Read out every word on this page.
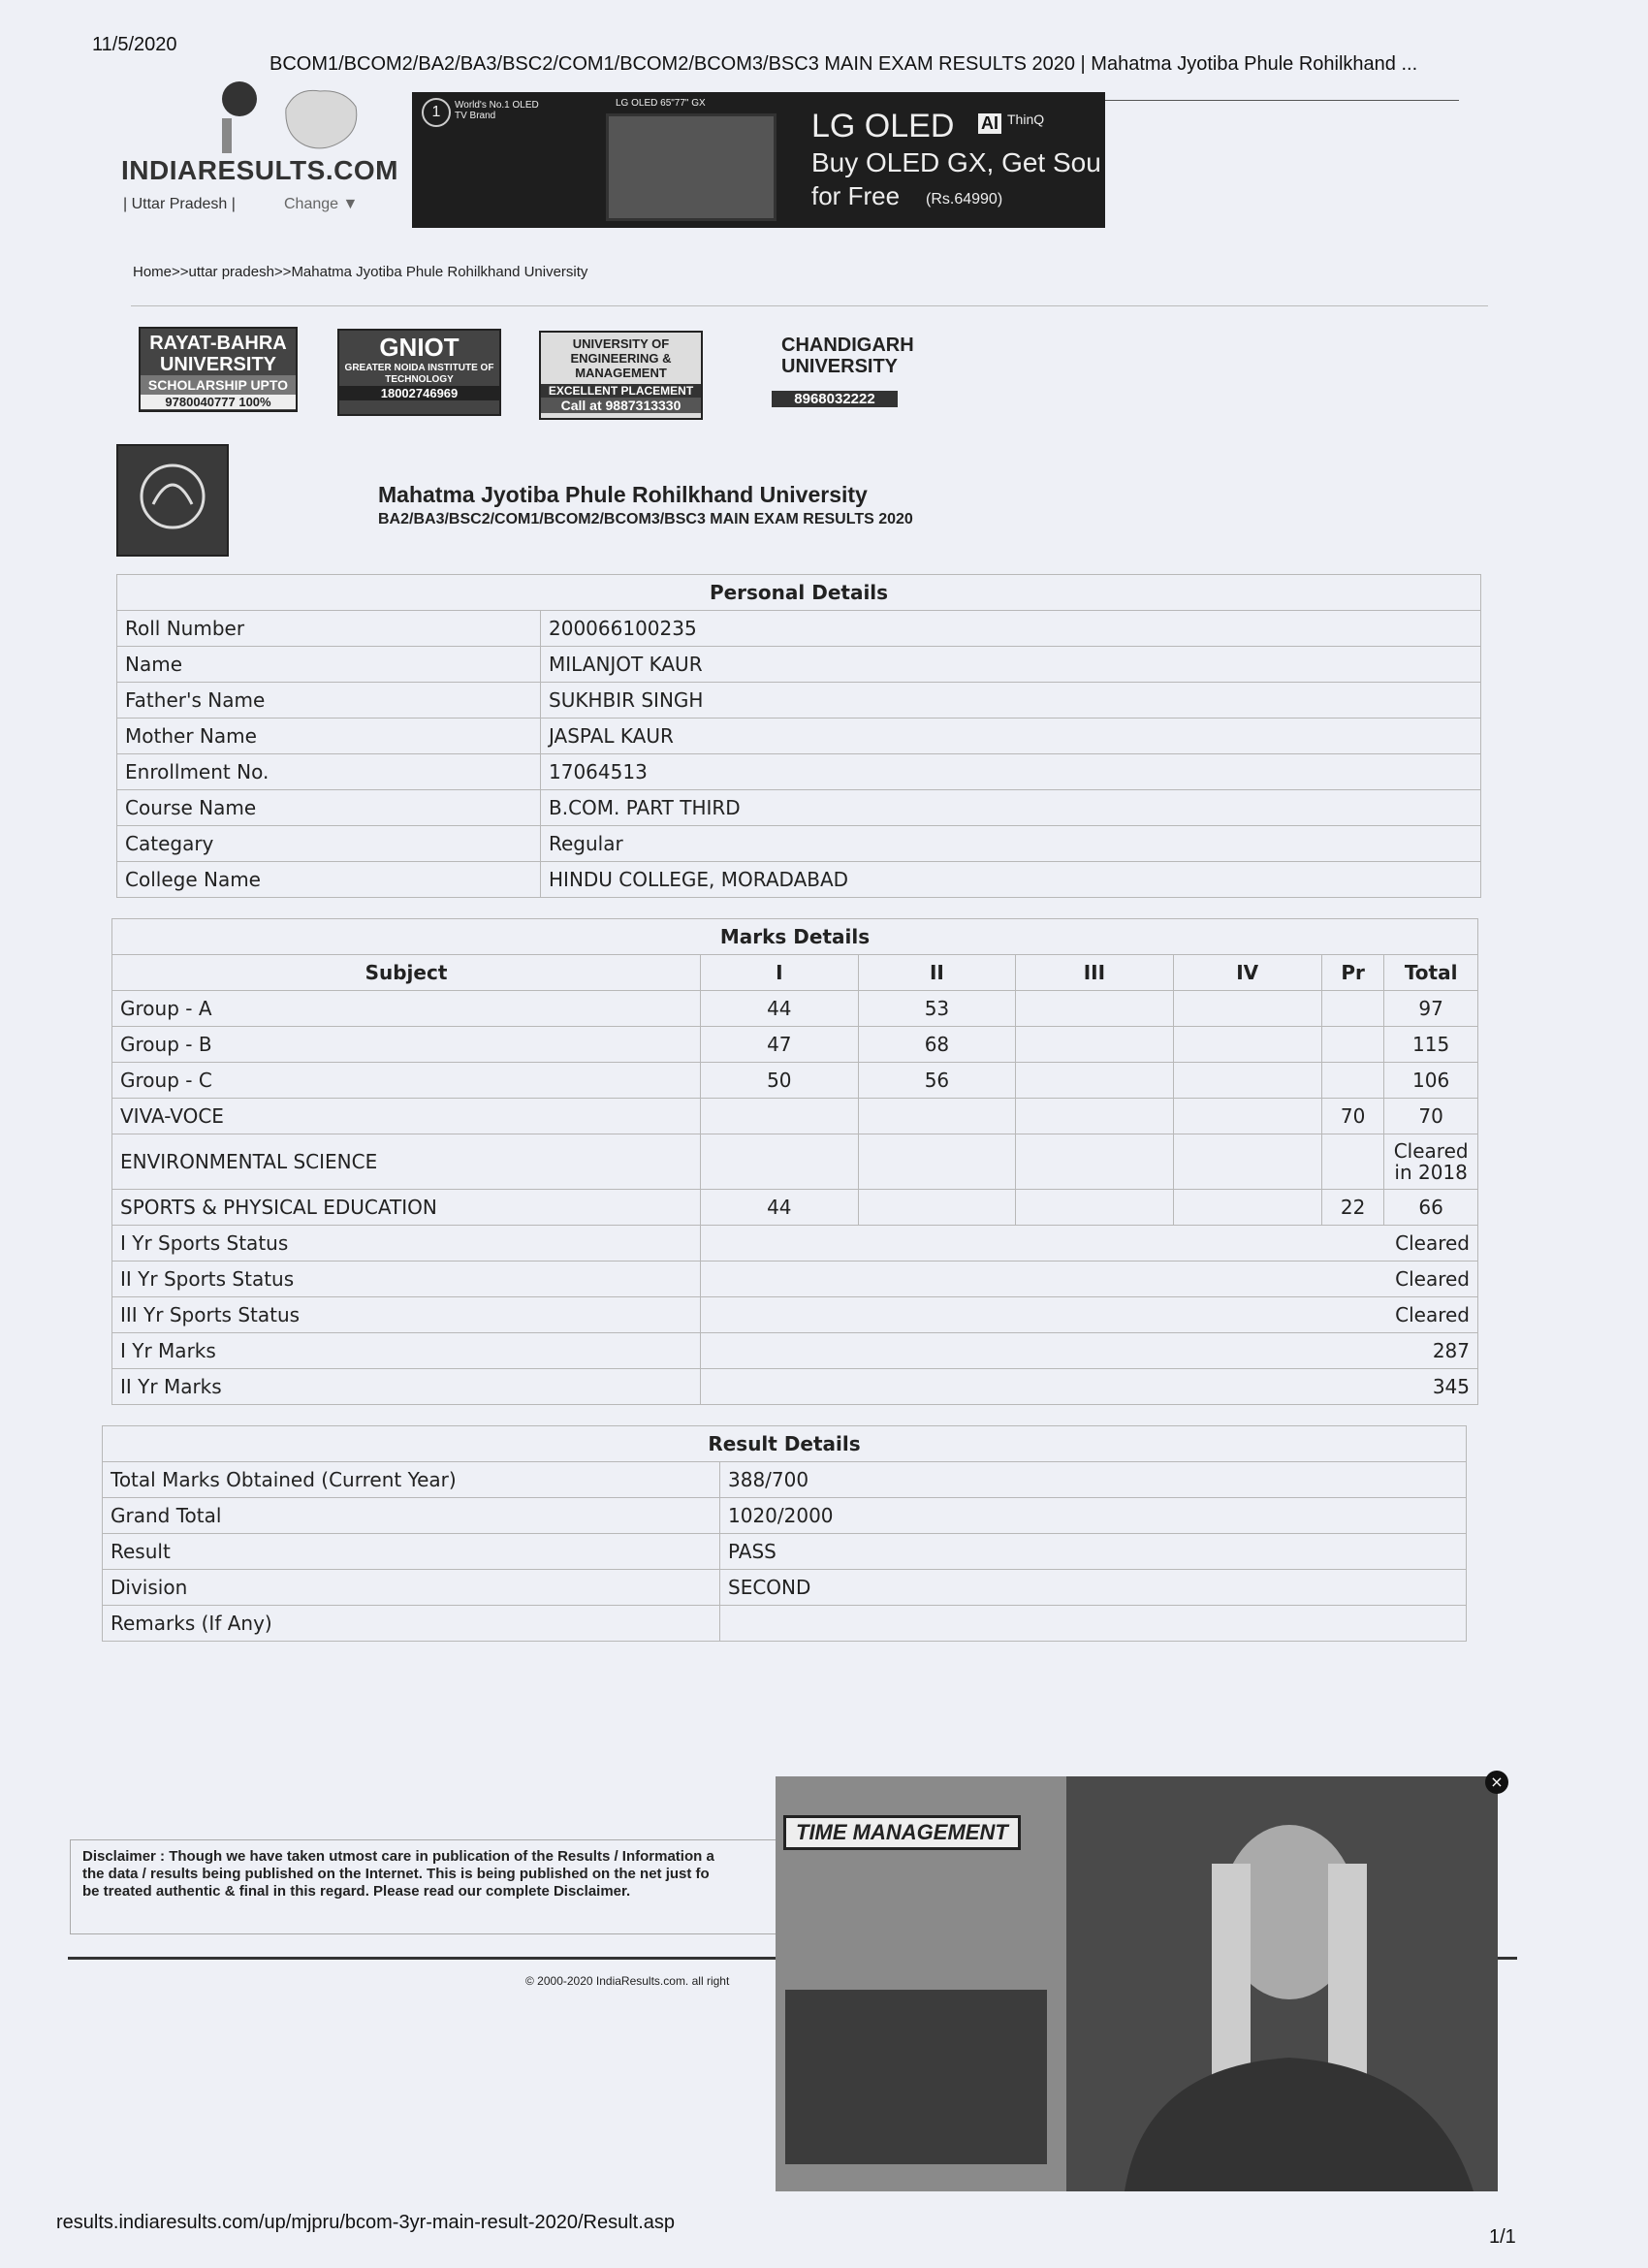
11/5/2020
BCOM1/BCOM2/BA2/BA3/BSC2/COM1/BCOM2/BCOM3/BSC3 MAIN EXAM RESULTS 2020 | Mahatma Jyotiba Phule Rohilkhand ...
INDIARESULTS.COM
| Uttar Pradesh |	Change ▼
1	World's No.1 OLED TV Brand
LG OLED 65"77" GX
LG OLED AI ThinQ
Buy OLED GX, Get Sou
for Free (Rs.64990)
Home>>uttar pradesh>>Mahatma Jyotiba Phule Rohilkhand University
RAYAT-BAHRA UNIVERSITY
SCHOLARSHIP UPTO
9780040777 100%
GNIOT
GREATER NOIDA INSTITUTE OF TECHNOLOGY
18002746969
UNIVERSITY OF ENGINEERING & MANAGEMENT
EXCELLENT PLACEMENT
Call at 9887313330
CHANDIGARH UNIVERSITY
8968032222
Mahatma Jyotiba Phule Rohilkhand University
BA2/BA3/BSC2/COM1/BCOM2/BCOM3/BSC3 MAIN EXAM RESULTS 2020
Personal Details	
Roll Number	200066100235
Name	MILANJOT KAUR
Father's Name	SUKHBIR SINGH
Mother Name	JASPAL KAUR
Enrollment No.	17064513
Course Name	B.COM. PART THIRD
Categary	Regular
College Name	HINDU COLLEGE, MORADABAD
Marks Details						
Subject	I	II	III	IV	Pr	Total
Group - A	44	53				97
Group - B	47	68				115
Group - C	50	56				106
VIVA-VOCE					70	70
ENVIRONMENTAL SCIENCE						Cleared in 2018
SPORTS & PHYSICAL EDUCATION	44				22	66
I Yr Sports Status	Cleared					
II Yr Sports Status	Cleared					
III Yr Sports Status	Cleared					
I Yr Marks	287					
II Yr Marks	345					
Result Details	
Total Marks Obtained (Current Year)	388/700
Grand Total	1020/2000
Result	PASS
Division	SECOND
Remarks (If Any)	
Disclaimer : Though we have taken utmost care in publication of the Results / Information a
the data / results being published on the Internet. This is being published on the net just fo
be treated authentic & final in this regard. Please read our complete Disclaimer.
© 2000-2020 IndiaResults.com. all right
TIME MANAGEMENT
×
results.indiaresults.com/up/mjpru/bcom-3yr-main-result-2020/Result.asp
1/1
